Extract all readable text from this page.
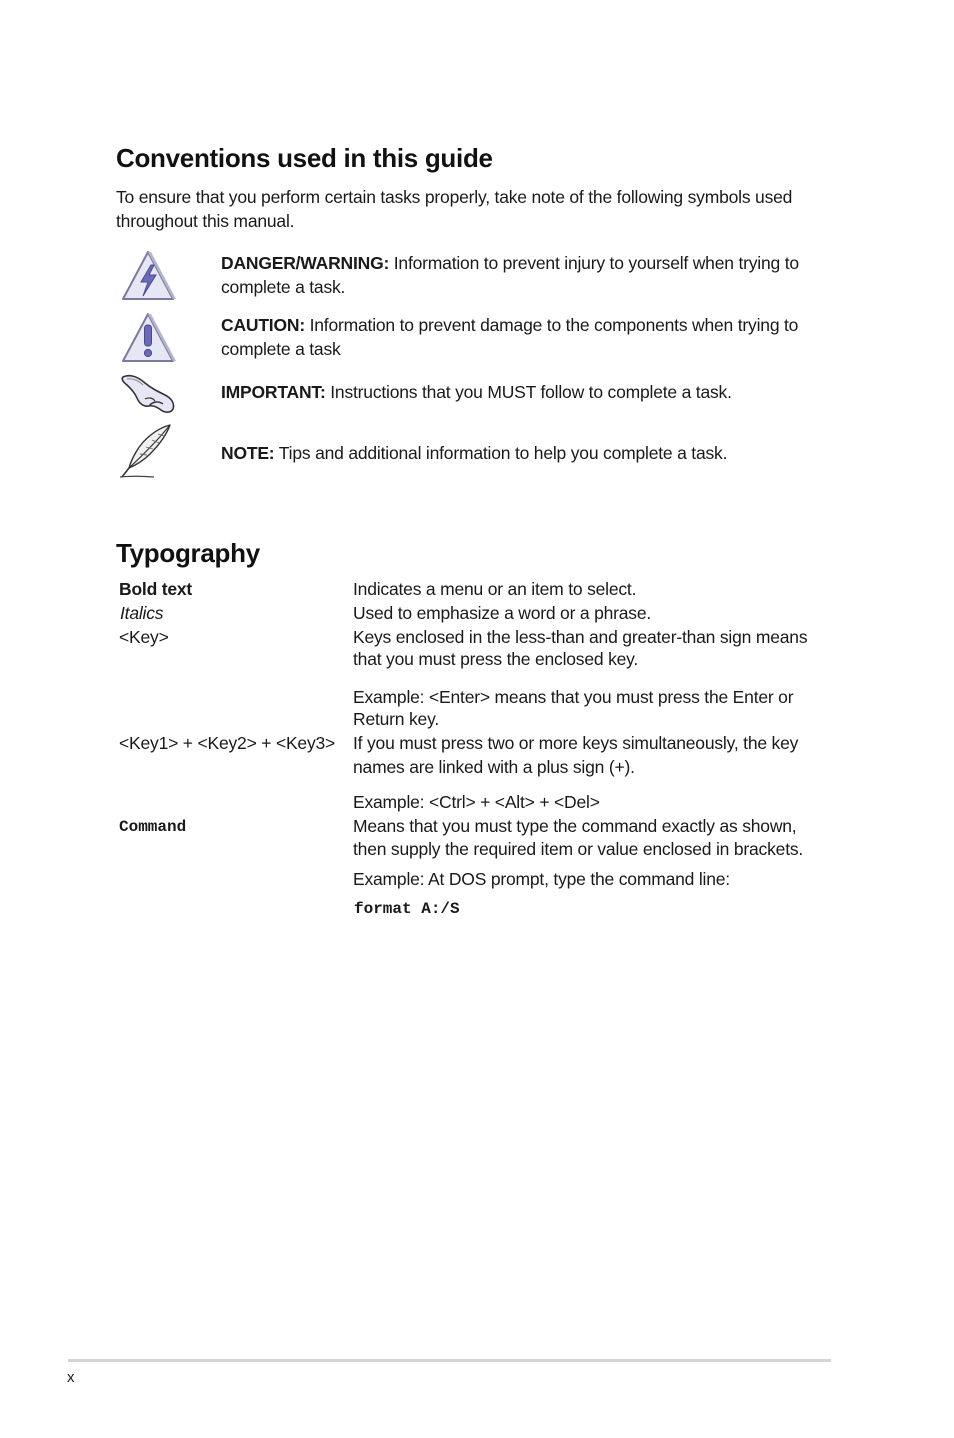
Conventions used in this guide
To ensure that you perform certain tasks properly, take note of the following symbols used
throughout this manual.
DANGER/WARNING: Information to prevent injury to yourself when trying to
complete a task.
CAUTION: Information to prevent damage to the components when trying to
complete a task
IMPORTANT: Instructions that you MUST follow to complete a task.
NOTE: Tips and additional information to help you complete a task.
Typography
Bold text
Italics
<Key>
<Key1> + <Key2> + <Key3>
Command
Indicates a menu or an item to select.
Used to emphasize a word or a phrase.
Keys enclosed in the less-than and greater-than sign means
that you must press the enclosed key.
Example: <Enter> means that you must press the Enter or
Return key.
If you must press two or more keys simultaneously, the key
names are linked with a plus sign (+).
Example: <Ctrl> + <Alt> + <Del>
Means that you must type the command exactly as shown,
then supply the required item or value enclosed in brackets.
Example: At DOS prompt, type the command line:
format A:/S
x
